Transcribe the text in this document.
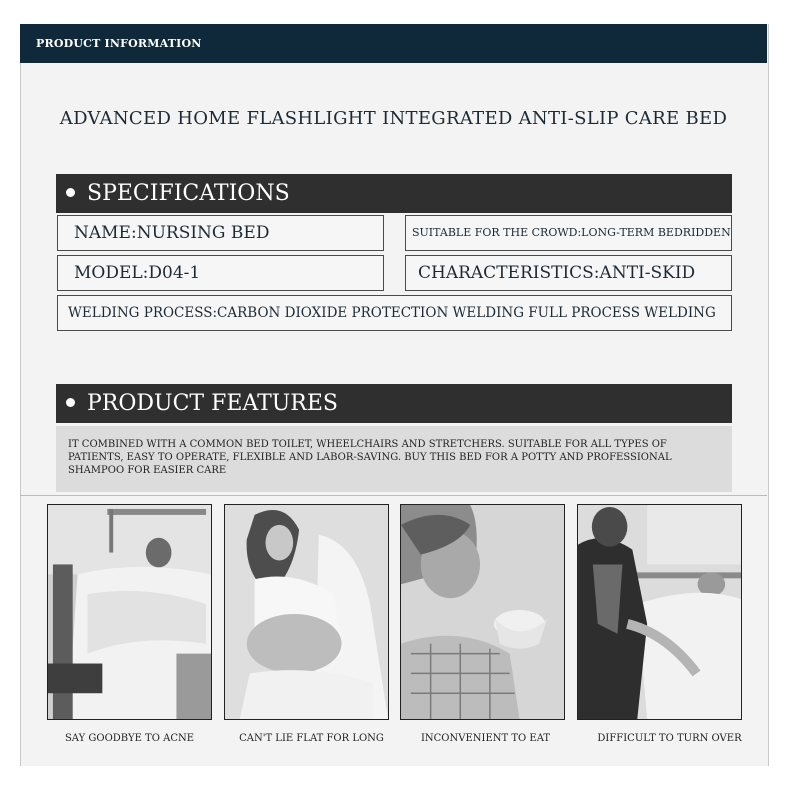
PRODUCT INFORMATION
ADVANCED HOME FLASHLIGHT INTEGRATED ANTI-SLIP CARE BED
SPECIFICATIONS
NAME:NURSING BED	SUITABLE FOR THE CROWD:LONG-TERM BEDRIDDEN
MODEL:D04-1	CHARACTERISTICS:ANTI-SKID
WELDING PROCESS:CARBON DIOXIDE PROTECTION WELDING FULL PROCESS WELDING
PRODUCT FEATURES
IT COMBINED WITH A COMMON BED TOILET, WHEELCHAIRS AND STRETCHERS. SUITABLE FOR ALL TYPES OF
PATIENTS, EASY TO OPERATE, FLEXIBLE AND LABOR-SAVING. BUY THIS BED FOR A POTTY AND PROFESSIONAL
SHAMPOO FOR EASIER CARE
SAY GOODBYE TO ACNE	CAN'T LIE FLAT FOR LONG	INCONVENIENT TO EAT	DIFFICULT TO TURN OVER
